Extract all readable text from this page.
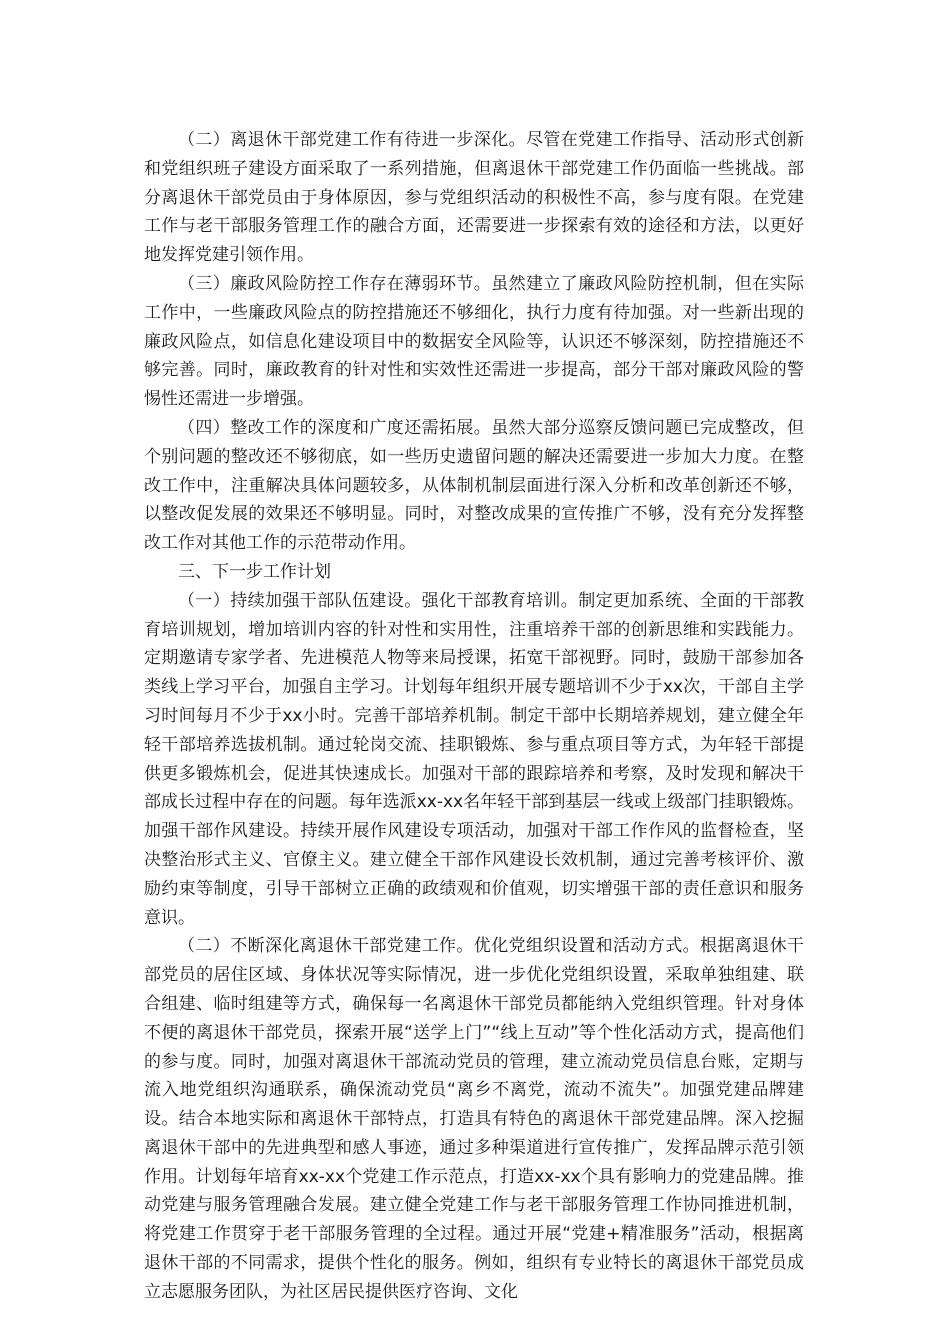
（二）离退休干部党建工作有待进一步深化。尽管在党建工作指导、活动形式创新和党组织班子建设方面采取了一系列措施，但离退休干部党建工作仍面临一些挑战。部分离退休干部党员由于身体原因，参与党组织活动的积极性不高，参与度有限。在党建工作与老干部服务管理工作的融合方面，还需要进一步探索有效的途径和方法，以更好地发挥党建引领作用。

（三）廉政风险防控工作存在薄弱环节。虽然建立了廉政风险防控机制，但在实际工作中，一些廉政风险点的防控措施还不够细化，执行力度有待加强。对一些新出现的廉政风险点，如信息化建设项目中的数据安全风险等，认识还不够深刻，防控措施还不够完善。同时，廉政教育的针对性和实效性还需进一步提高，部分干部对廉政风险的警惕性还需进一步增强。

（四）整改工作的深度和广度还需拓展。虽然大部分巡察反馈问题已完成整改，但个别问题的整改还不够彻底，如一些历史遗留问题的解决还需要进一步加大力度。在整改工作中，注重解决具体问题较多，从体制机制层面进行深入分析和改革创新还不够，以整改促发展的效果还不够明显。同时，对整改成果的宣传推广不够，没有充分发挥整改工作对其他工作的示范带动作用。

三、下一步工作计划

（一）持续加强干部队伍建设。强化干部教育培训。制定更加系统、全面的干部教育培训规划，增加培训内容的针对性和实用性，注重培养干部的创新思维和实践能力。定期邀请专家学者、先进模范人物等来局授课，拓宽干部视野。同时，鼓励干部参加各类线上学习平台，加强自主学习。计划每年组织开展专题培训不少于xx次，干部自主学习时间每月不少于xx小时。完善干部培养机制。制定干部中长期培养规划，建立健全年轻干部培养选拔机制。通过轮岗交流、挂职锻炼、参与重点项目等方式，为年轻干部提供更多锻炼机会，促进其快速成长。加强对干部的跟踪培养和考察，及时发现和解决干部成长过程中存在的问题。每年选派xx-xx名年轻干部到基层一线或上级部门挂职锻炼。加强干部作风建设。持续开展作风建设专项活动，加强对干部工作作风的监督检查，坚决整治形式主义、官僚主义。建立健全干部作风建设长效机制，通过完善考核评价、激励约束等制度，引导干部树立正确的政绩观和价值观，切实增强干部的责任意识和服务意识。

（二）不断深化离退休干部党建工作。优化党组织设置和活动方式。根据离退休干部党员的居住区域、身体状况等实际情况，进一步优化党组织设置，采取单独组建、联合组建、临时组建等方式，确保每一名离退休干部党员都能纳入党组织管理。针对身体不便的离退休干部党员，探索开展“送学上门”“线上互动”等个性化活动方式，提高他们的参与度。同时，加强对离退休干部流动党员的管理，建立流动党员信息台账，定期与流入地党组织沟通联系，确保流动党员“离乡不离党，流动不流失”。加强党建品牌建设。结合本地实际和离退休干部特点，打造具有特色的离退休干部党建品牌。深入挖掘离退休干部中的先进典型和感人事迹，通过多种渠道进行宣传推广，发挥品牌示范引领作用。计划每年培育xx-xx个党建工作示范点，打造xx-xx个具有影响力的党建品牌。推动党建与服务管理融合发展。建立健全党建工作与老干部服务管理工作协同推进机制，将党建工作贯穿于老干部服务管理的全过程。通过开展“党建+精准服务”活动，根据离退休干部的不同需求，提供个性化的服务。例如，组织有专业特长的离退休干部党员成立志愿服务团队，为社区居民提供医疗咨询、文化
